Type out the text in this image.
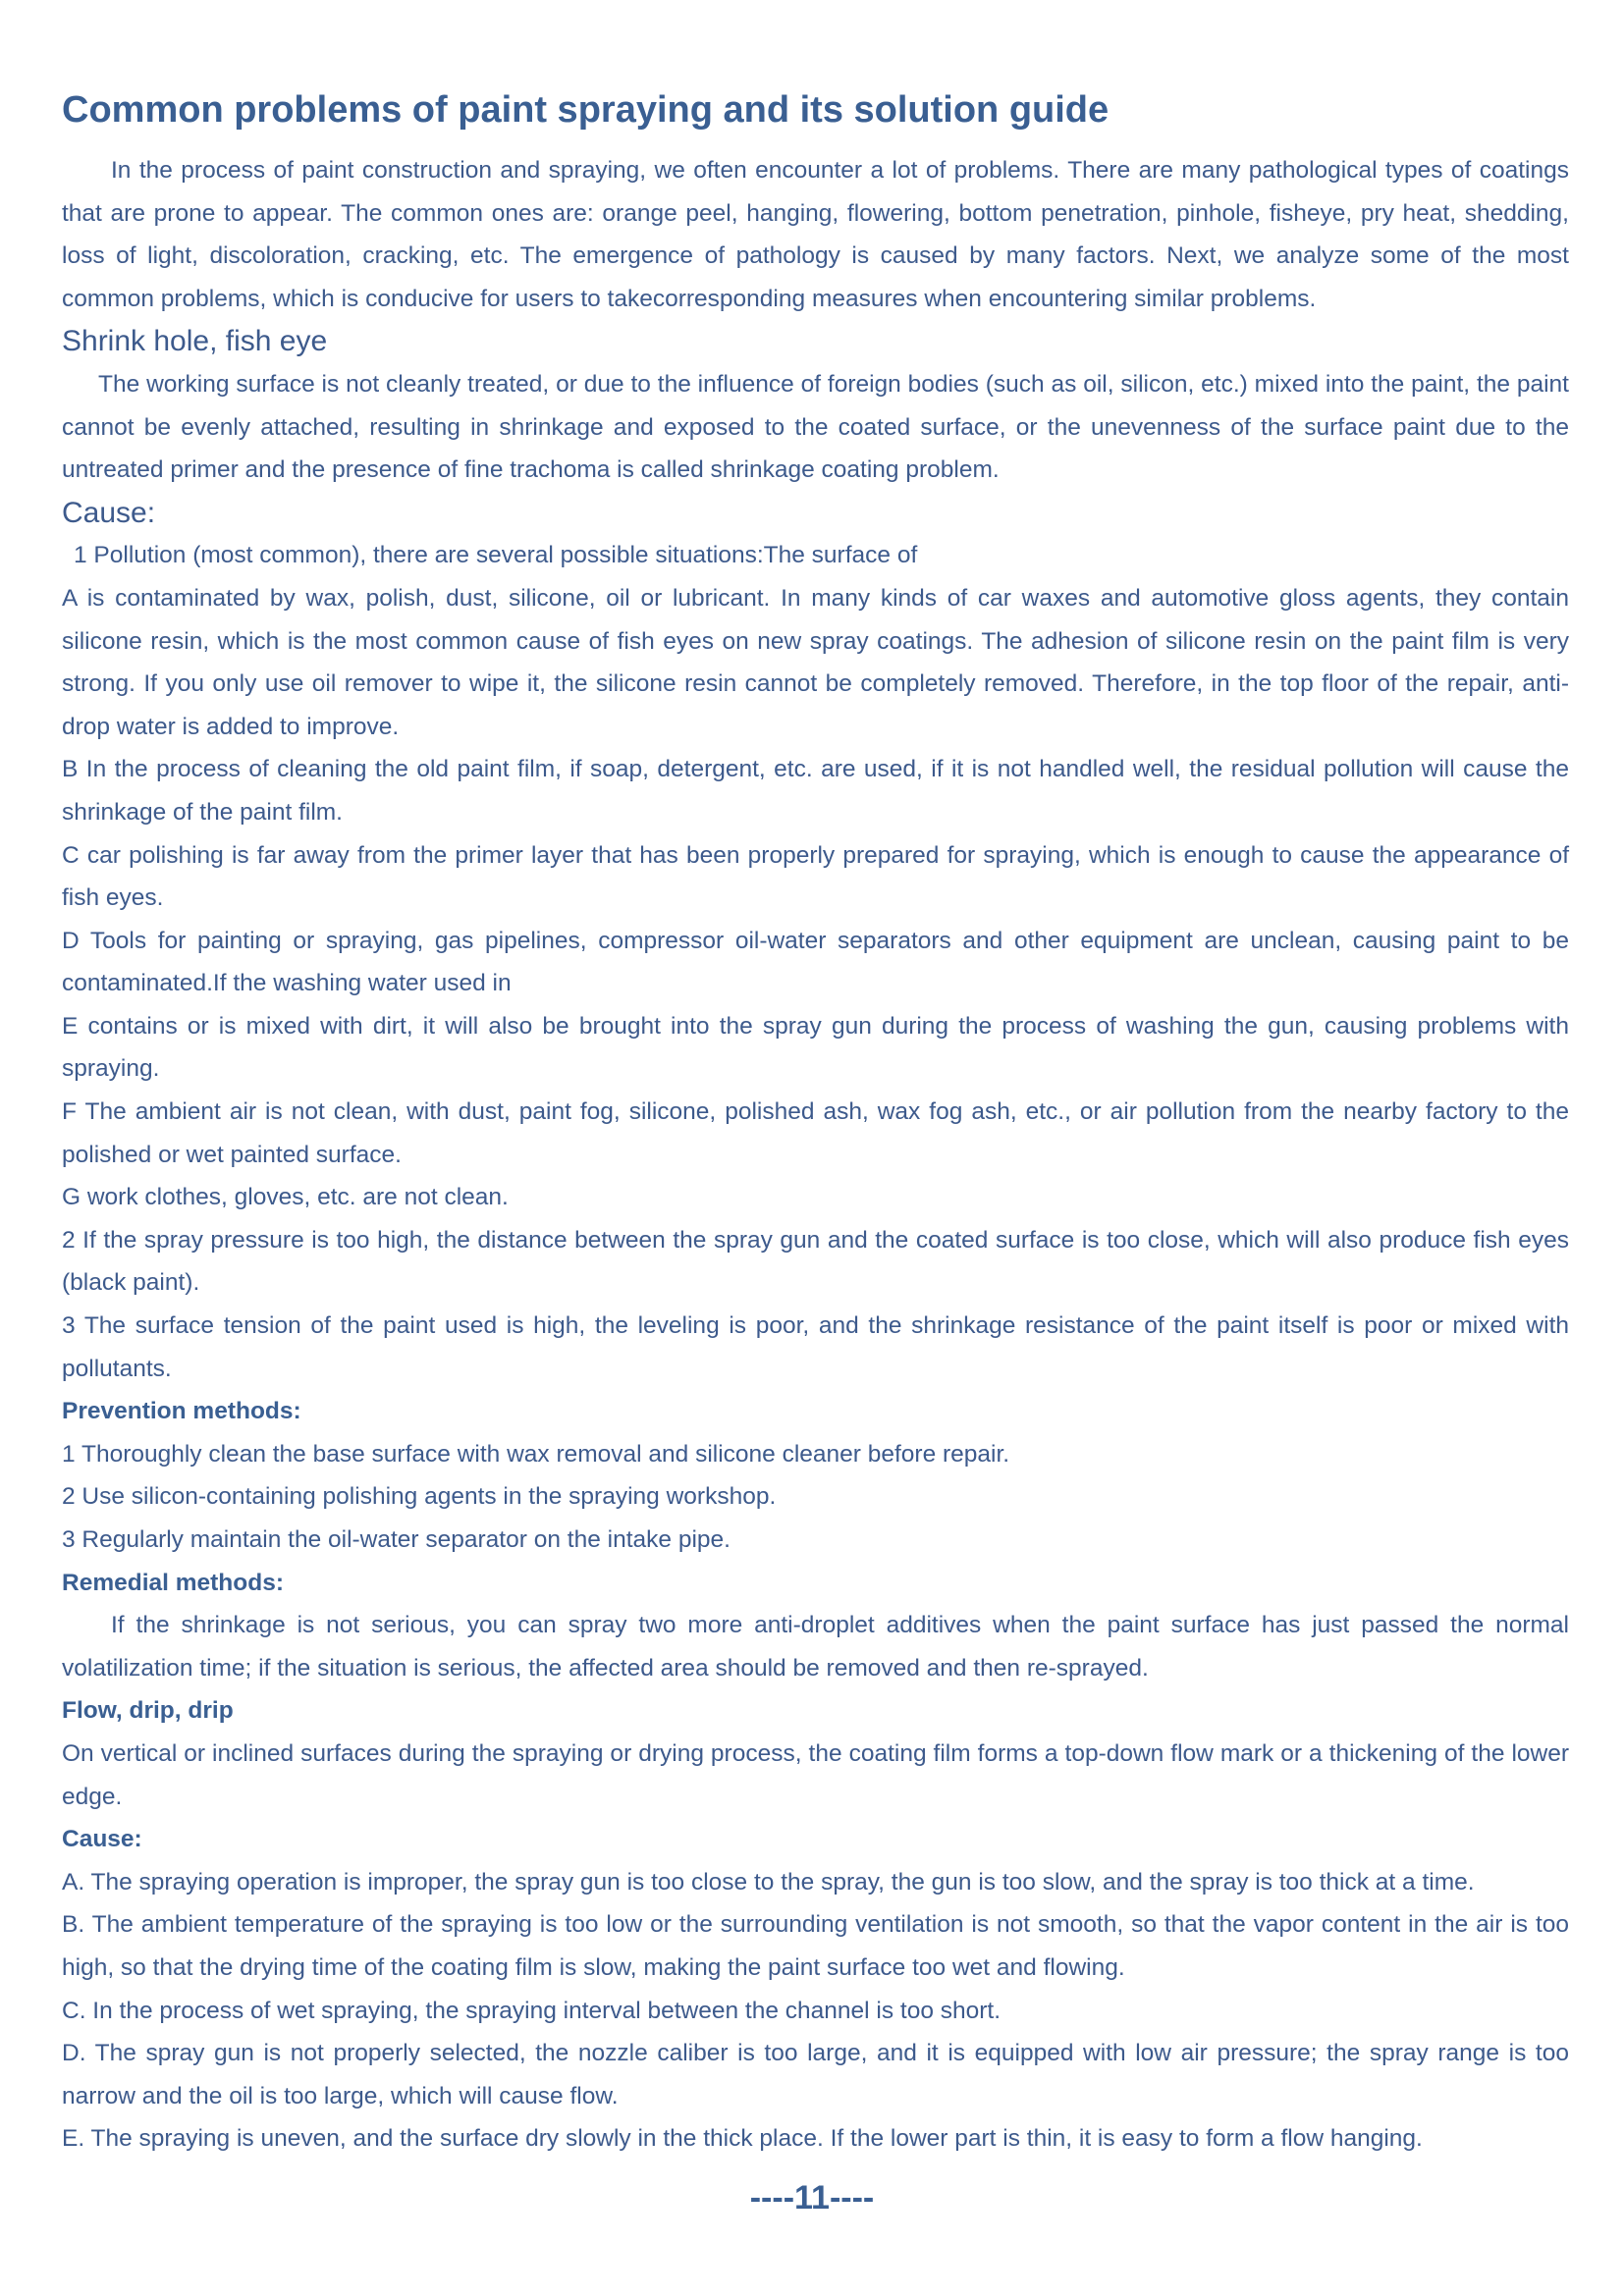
Common problems of paint spraying and its solution guide

In the process of paint construction and spraying, we often encounter a lot of problems. There are many pathological types of coatings that are prone to appear. The common ones are: orange peel, hanging, flowering, bottom penetration, pinhole, fisheye, pry heat, shedding, loss of light, discoloration, cracking, etc. The emergence of pathology is caused by many factors. Next, we analyze some of the most common problems, which is conducive for users to takecorresponding measures when encountering similar problems.

Shrink hole, fish eye

The working surface is not cleanly treated, or due to the influence of foreign bodies (such as oil, silicon, etc.) mixed into the paint, the paint cannot be evenly attached, resulting in shrinkage and exposed to the coated surface, or the unevenness of the surface paint due to the untreated primer and the presence of fine trachoma is called shrinkage coating problem.

Cause:

1 Pollution (most common), there are several possible situations:The surface of

A is contaminated by wax, polish, dust, silicone, oil or lubricant. In many kinds of car waxes and automotive gloss agents, they contain silicone resin, which is the most common cause of fish eyes on new spray coatings. The adhesion of silicone resin on the paint film is very strong. If you only use oil remover to wipe it, the silicone resin cannot be completely removed. Therefore, in the top floor of the repair, anti-drop water is added to improve.

B In the process of cleaning the old paint film, if soap, detergent, etc. are used, if it is not handled well, the residual pollution will cause the shrinkage of the paint film.

C car polishing is far away from the primer layer that has been properly prepared for spraying, which is enough to cause the appearance of fish eyes.

D Tools for painting or spraying, gas pipelines, compressor oil-water separators and other equipment are unclean, causing paint to be contaminated.If the washing water used in

E contains or is mixed with dirt, it will also be brought into the spray gun during the process of washing the gun, causing problems with spraying.

F The ambient air is not clean, with dust, paint fog, silicone, polished ash, wax fog ash, etc., or air pollution from the nearby factory to the polished or wet painted surface.

G work clothes, gloves, etc. are not clean.

2 If the spray pressure is too high, the distance between the spray gun and the coated surface is too close, which will also produce fish eyes (black paint).

3 The surface tension of the paint used is high, the leveling is poor, and the shrinkage resistance of the paint itself is poor or mixed with pollutants.

Prevention methods:

1 Thoroughly clean the base surface with wax removal and silicone cleaner before repair.

2 Use silicon-containing polishing agents in the spraying workshop.

3 Regularly maintain the oil-water separator on the intake pipe.

Remedial methods:

If the shrinkage is not serious, you can spray two more anti-droplet additives when the paint surface has just passed the normal volatilization time; if the situation is serious, the affected area should be removed and then re-sprayed.

Flow, drip, drip

On vertical or inclined surfaces during the spraying or drying process, the coating film forms a top-down flow mark or a thickening of the lower edge.

Cause:

A. The spraying operation is improper, the spray gun is too close to the spray, the gun is too slow, and the spray is too thick at a time.

B. The ambient temperature of the spraying is too low or the surrounding ventilation is not smooth, so that the vapor content in the air is too high, so that the drying time of the coating film is slow, making the paint surface too wet and flowing.

C. In the process of wet spraying, the spraying interval between the channel is too short.

D. The spray gun is not properly selected, the nozzle caliber is too large, and it is equipped with low air pressure; the spray range is too narrow and the oil is too large, which will cause flow.

E. The spraying is uneven, and the surface dry slowly in the thick place. If the lower part is thin, it is easy to form a flow hanging.

----11----
